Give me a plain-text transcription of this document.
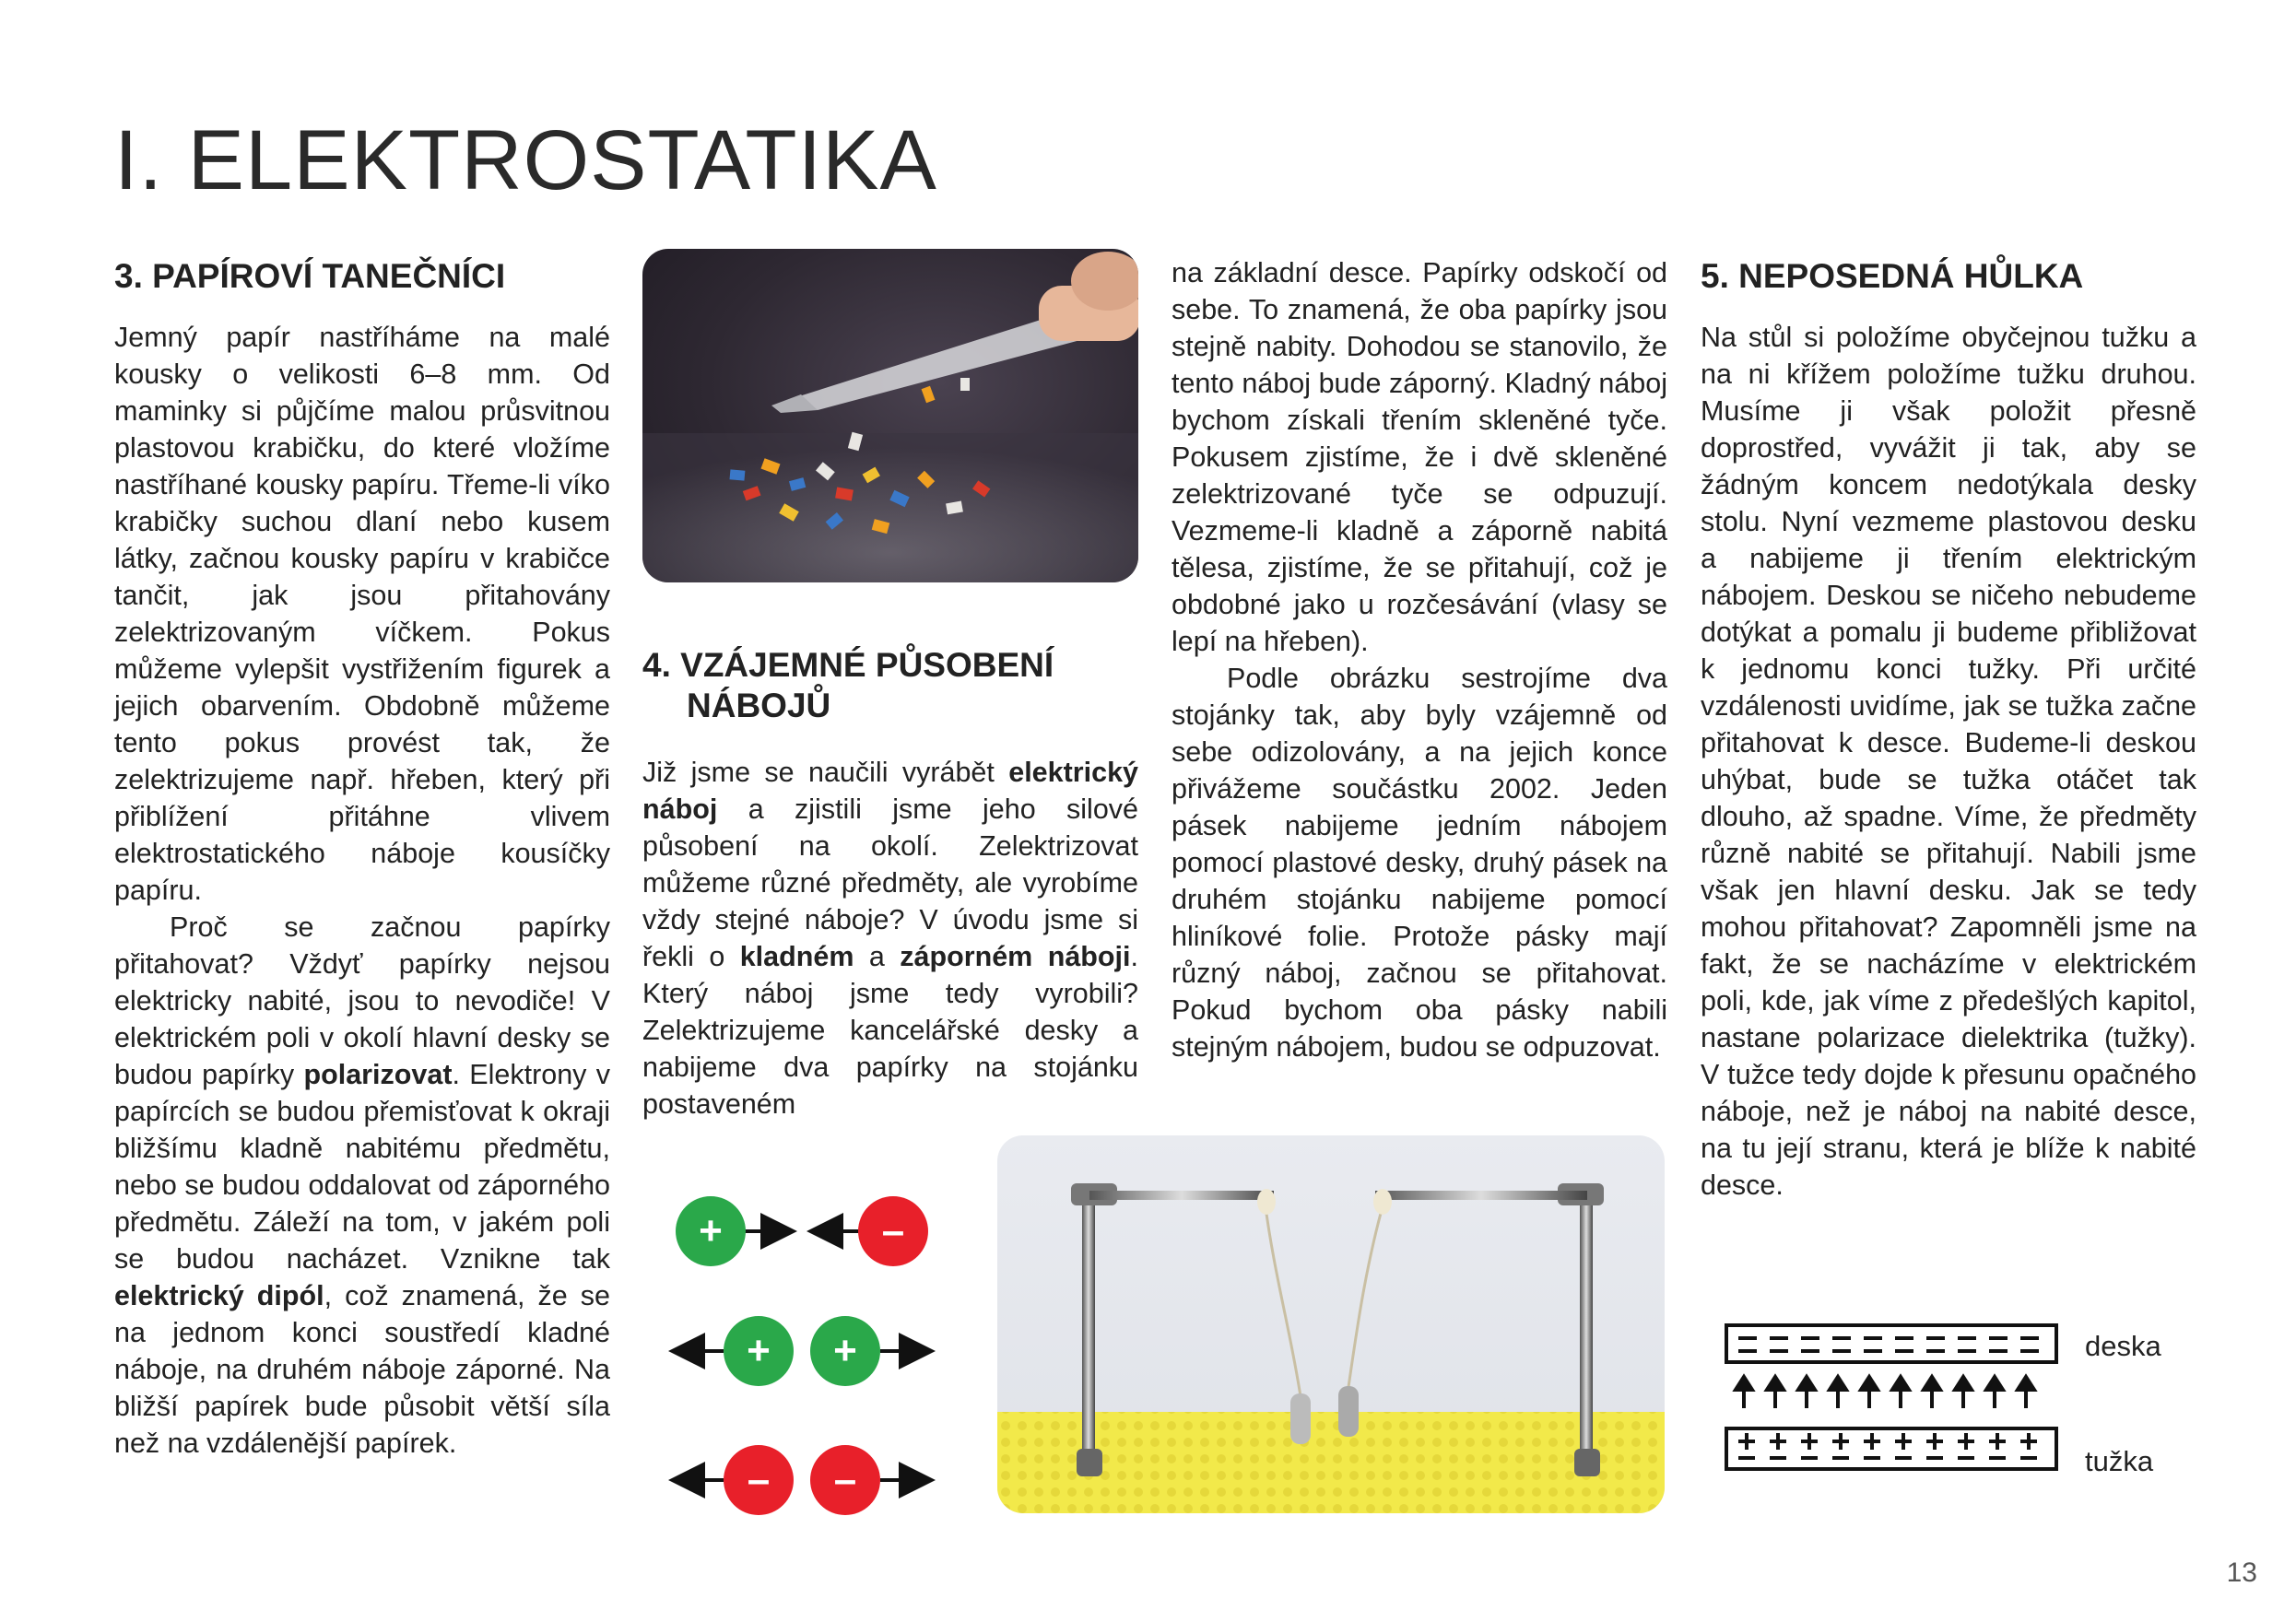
I. ELEKTROSTATIKA
3. PAPÍROVÍ TANEČNÍCI

Jemný papír nastříháme na malé kousky o velikosti 6–8 mm. Od maminky si půjčíme malou průsvitnou plastovou krabičku, do které vložíme nastříhané kousky papíru. Třeme-li víko krabičky suchou dlaní nebo kusem látky, začnou kousky papíru v krabičce tančit, jak jsou přitahovány zelektrizovaným víčkem. Pokus můžeme vylepšit vystřižením figurek a jejich obarvením. Obdobně můžeme tento pokus provést tak, že zelektrizujeme např. hřeben, který při přiblížení přitáhne vlivem elektrostatického náboje kousíčky papíru.

Proč se začnou papírky přitahovat? Vždyť papírky nejsou elektricky nabité, jsou to nevodiče! V elektrickém poli v okolí hlavní desky se budou papírky polarizovat. Elektrony v papírcích se budou přemisťovat k okraji bližšímu kladně nabitému předmětu, nebo se budou oddalovat od záporného předmětu. Záleží na tom, v jakém poli se budou nacházet. Vznikne tak elektrický dipól, což znamená, že se na jednom konci soustředí kladné náboje, na druhém náboje záporné. Na bližší papírek bude působit větší síla než na vzdálenější papírek.

4. VZÁJEMNÉ PŮSOBENÍ
NÁBOJŮ

Již jsme se naučili vyrábět elektrický náboj a zjistili jsme jeho silové působení na okolí. Zelektrizovat můžeme různé předměty, ale vyrobíme vždy stejné náboje? V úvodu jsme si řekli o kladném a záporném náboji. Který náboj jsme tedy vyrobili? Zelektrizujeme kancelářské desky a nabijeme dva papírky na stojánku postaveném

na základní desce. Papírky odskočí od sebe. To znamená, že oba papírky jsou stejně nabity. Dohodou se stanovilo, že tento náboj bude záporný. Kladný náboj bychom získali třením skleněné tyče. Pokusem zjistíme, že i dvě skleněné zelektrizované tyče se odpuzují. Vezmeme-li kladně a záporně nabitá tělesa, zjistíme, že se přitahují, což je obdobné jako u rozčesávání (vlasy se lepí na hřeben).

Podle obrázku sestrojíme dva stojánky tak, aby byly vzájemně od sebe odizolovány, a na jejich konce přivážeme součástku 2002. Jeden pásek nabijeme jedním nábojem pomocí plastové desky, druhý pásek na druhém stojánku nabijeme pomocí hliníkové folie. Protože pásky mají různý náboj, začnou se přitahovat. Pokud bychom oba pásky nabili stejným nábojem, budou se odpuzovat.

+	–
+ +
– –
5. NEPOSEDNÁ HŮLKA

Na stůl si položíme obyčejnou tužku a na ni křížem položíme tužku druhou. Musíme ji však položit přesně doprostřed, vyvážit ji tak, aby se žádným koncem nedotýkala desky stolu. Nyní vezmeme plastovou desku a nabijeme ji třením elektrickým nábojem. Deskou se ničeho nebudeme dotýkat a pomalu ji budeme přibližovat k jednomu konci tužky. Při určité vzdálenosti uvidíme, jak se tužka začne přitahovat k desce. Budeme-li deskou uhýbat, bude se tužka otáčet tak dlouho, až spadne. Víme, že předměty různě nabité se přitahují. Nabili jsme však jen hlavní desku. Jak se tedy mohou přitahovat? Zapomněli jsme na fakt, že se nacházíme v elektrickém poli, kde, jak víme z předešlých kapitol, nastane polarizace dielektrika (tužky). V tužce tedy dojde k přesunu opačného náboje, než je náboj na nabité desce, na tu její stranu, která je blíže k nabité desce.

deska
tužka
13
